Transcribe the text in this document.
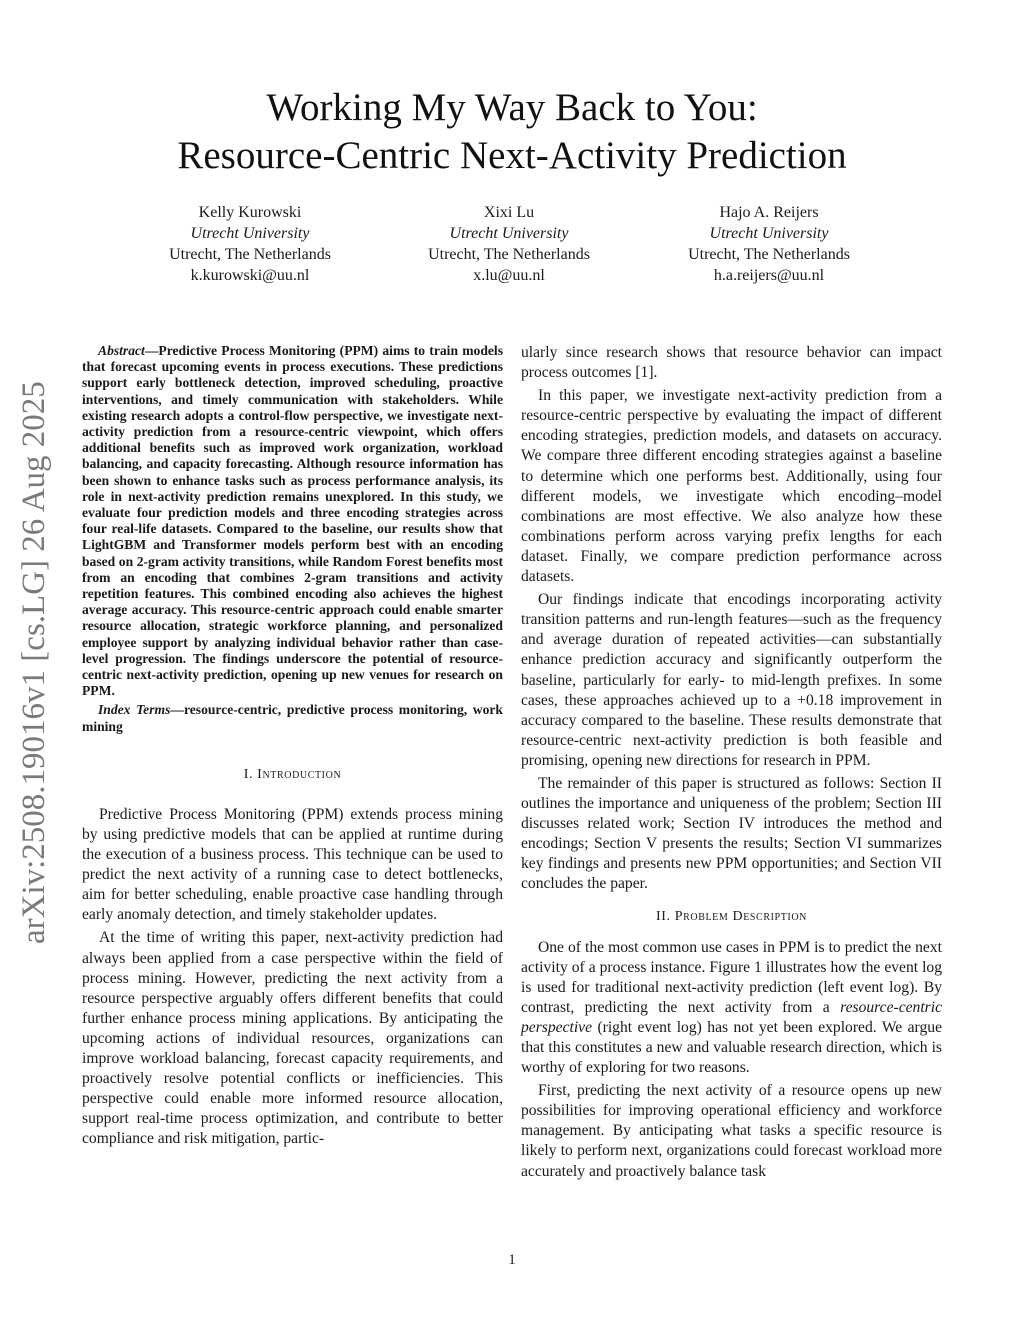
arXiv:2508.19016v1 [cs.LG] 26 Aug 2025
Working My Way Back to You:
Resource-Centric Next-Activity Prediction
Kelly Kurowski
Utrecht University
Utrecht, The Netherlands
k.kurowski@uu.nl
Xixi Lu
Utrecht University
Utrecht, The Netherlands
x.lu@uu.nl
Hajo A. Reijers
Utrecht University
Utrecht, The Netherlands
h.a.reijers@uu.nl

Abstract—Predictive Process Monitoring (PPM) aims to train models that forecast upcoming events in process executions. These predictions support early bottleneck detection, improved scheduling, proactive interventions, and timely communication with stakeholders. While existing research adopts a control-flow perspective, we investigate next-activity prediction from a resource-centric viewpoint, which offers additional benefits such as improved work organization, workload balancing, and capacity forecasting. Although resource information has been shown to enhance tasks such as process performance analysis, its role in next-activity prediction remains unexplored. In this study, we evaluate four prediction models and three encoding strategies across four real-life datasets. Compared to the baseline, our results show that LightGBM and Transformer models perform best with an encoding based on 2-gram activity transitions, while Random Forest benefits most from an encoding that combines 2-gram transitions and activity repetition features. This combined encoding also achieves the highest average accuracy. This resource-centric approach could enable smarter resource allocation, strategic workforce planning, and personalized employee support by analyzing individual behavior rather than case-level progression. The findings underscore the potential of resource-centric next-activity prediction, opening up new venues for research on PPM.

Index Terms—resource-centric, predictive process monitoring, work mining

I. Introduction

Predictive Process Monitoring (PPM) extends process mining by using predictive models that can be applied at runtime during the execution of a business process. This technique can be used to predict the next activity of a running case to detect bottlenecks, aim for better scheduling, enable proactive case handling through early anomaly detection, and timely stakeholder updates.

At the time of writing this paper, next-activity prediction had always been applied from a case perspective within the field of process mining. However, predicting the next activity from a resource perspective arguably offers different benefits that could further enhance process mining applications. By anticipating the upcoming actions of individual resources, organizations can improve workload balancing, forecast capacity requirements, and proactively resolve potential conflicts or inefficiencies. This perspective could enable more informed resource allocation, support real-time process optimization, and contribute to better compliance and risk mitigation, partic-

ularly since research shows that resource behavior can impact process outcomes [1].

In this paper, we investigate next-activity prediction from a resource-centric perspective by evaluating the impact of different encoding strategies, prediction models, and datasets on accuracy. We compare three different encoding strategies against a baseline to determine which one performs best. Additionally, using four different models, we investigate which encoding–model combinations are most effective. We also analyze how these combinations perform across varying prefix lengths for each dataset. Finally, we compare prediction performance across datasets.

Our findings indicate that encodings incorporating activity transition patterns and run-length features—such as the frequency and average duration of repeated activities—can substantially enhance prediction accuracy and significantly outperform the baseline, particularly for early- to mid-length prefixes. In some cases, these approaches achieved up to a +0.18 improvement in accuracy compared to the baseline. These results demonstrate that resource-centric next-activity prediction is both feasible and promising, opening new directions for research in PPM.

The remainder of this paper is structured as follows: Section II outlines the importance and uniqueness of the problem; Section III discusses related work; Section IV introduces the method and encodings; Section V presents the results; Section VI summarizes key findings and presents new PPM opportunities; and Section VII concludes the paper.

II. Problem Description

One of the most common use cases in PPM is to predict the next activity of a process instance. Figure 1 illustrates how the event log is used for traditional next-activity prediction (left event log). By contrast, predicting the next activity from a resource-centric perspective (right event log) has not yet been explored. We argue that this constitutes a new and valuable research direction, which is worthy of exploring for two reasons.

First, predicting the next activity of a resource opens up new possibilities for improving operational efficiency and workforce management. By anticipating what tasks a specific resource is likely to perform next, organizations could forecast workload more accurately and proactively balance task

1
